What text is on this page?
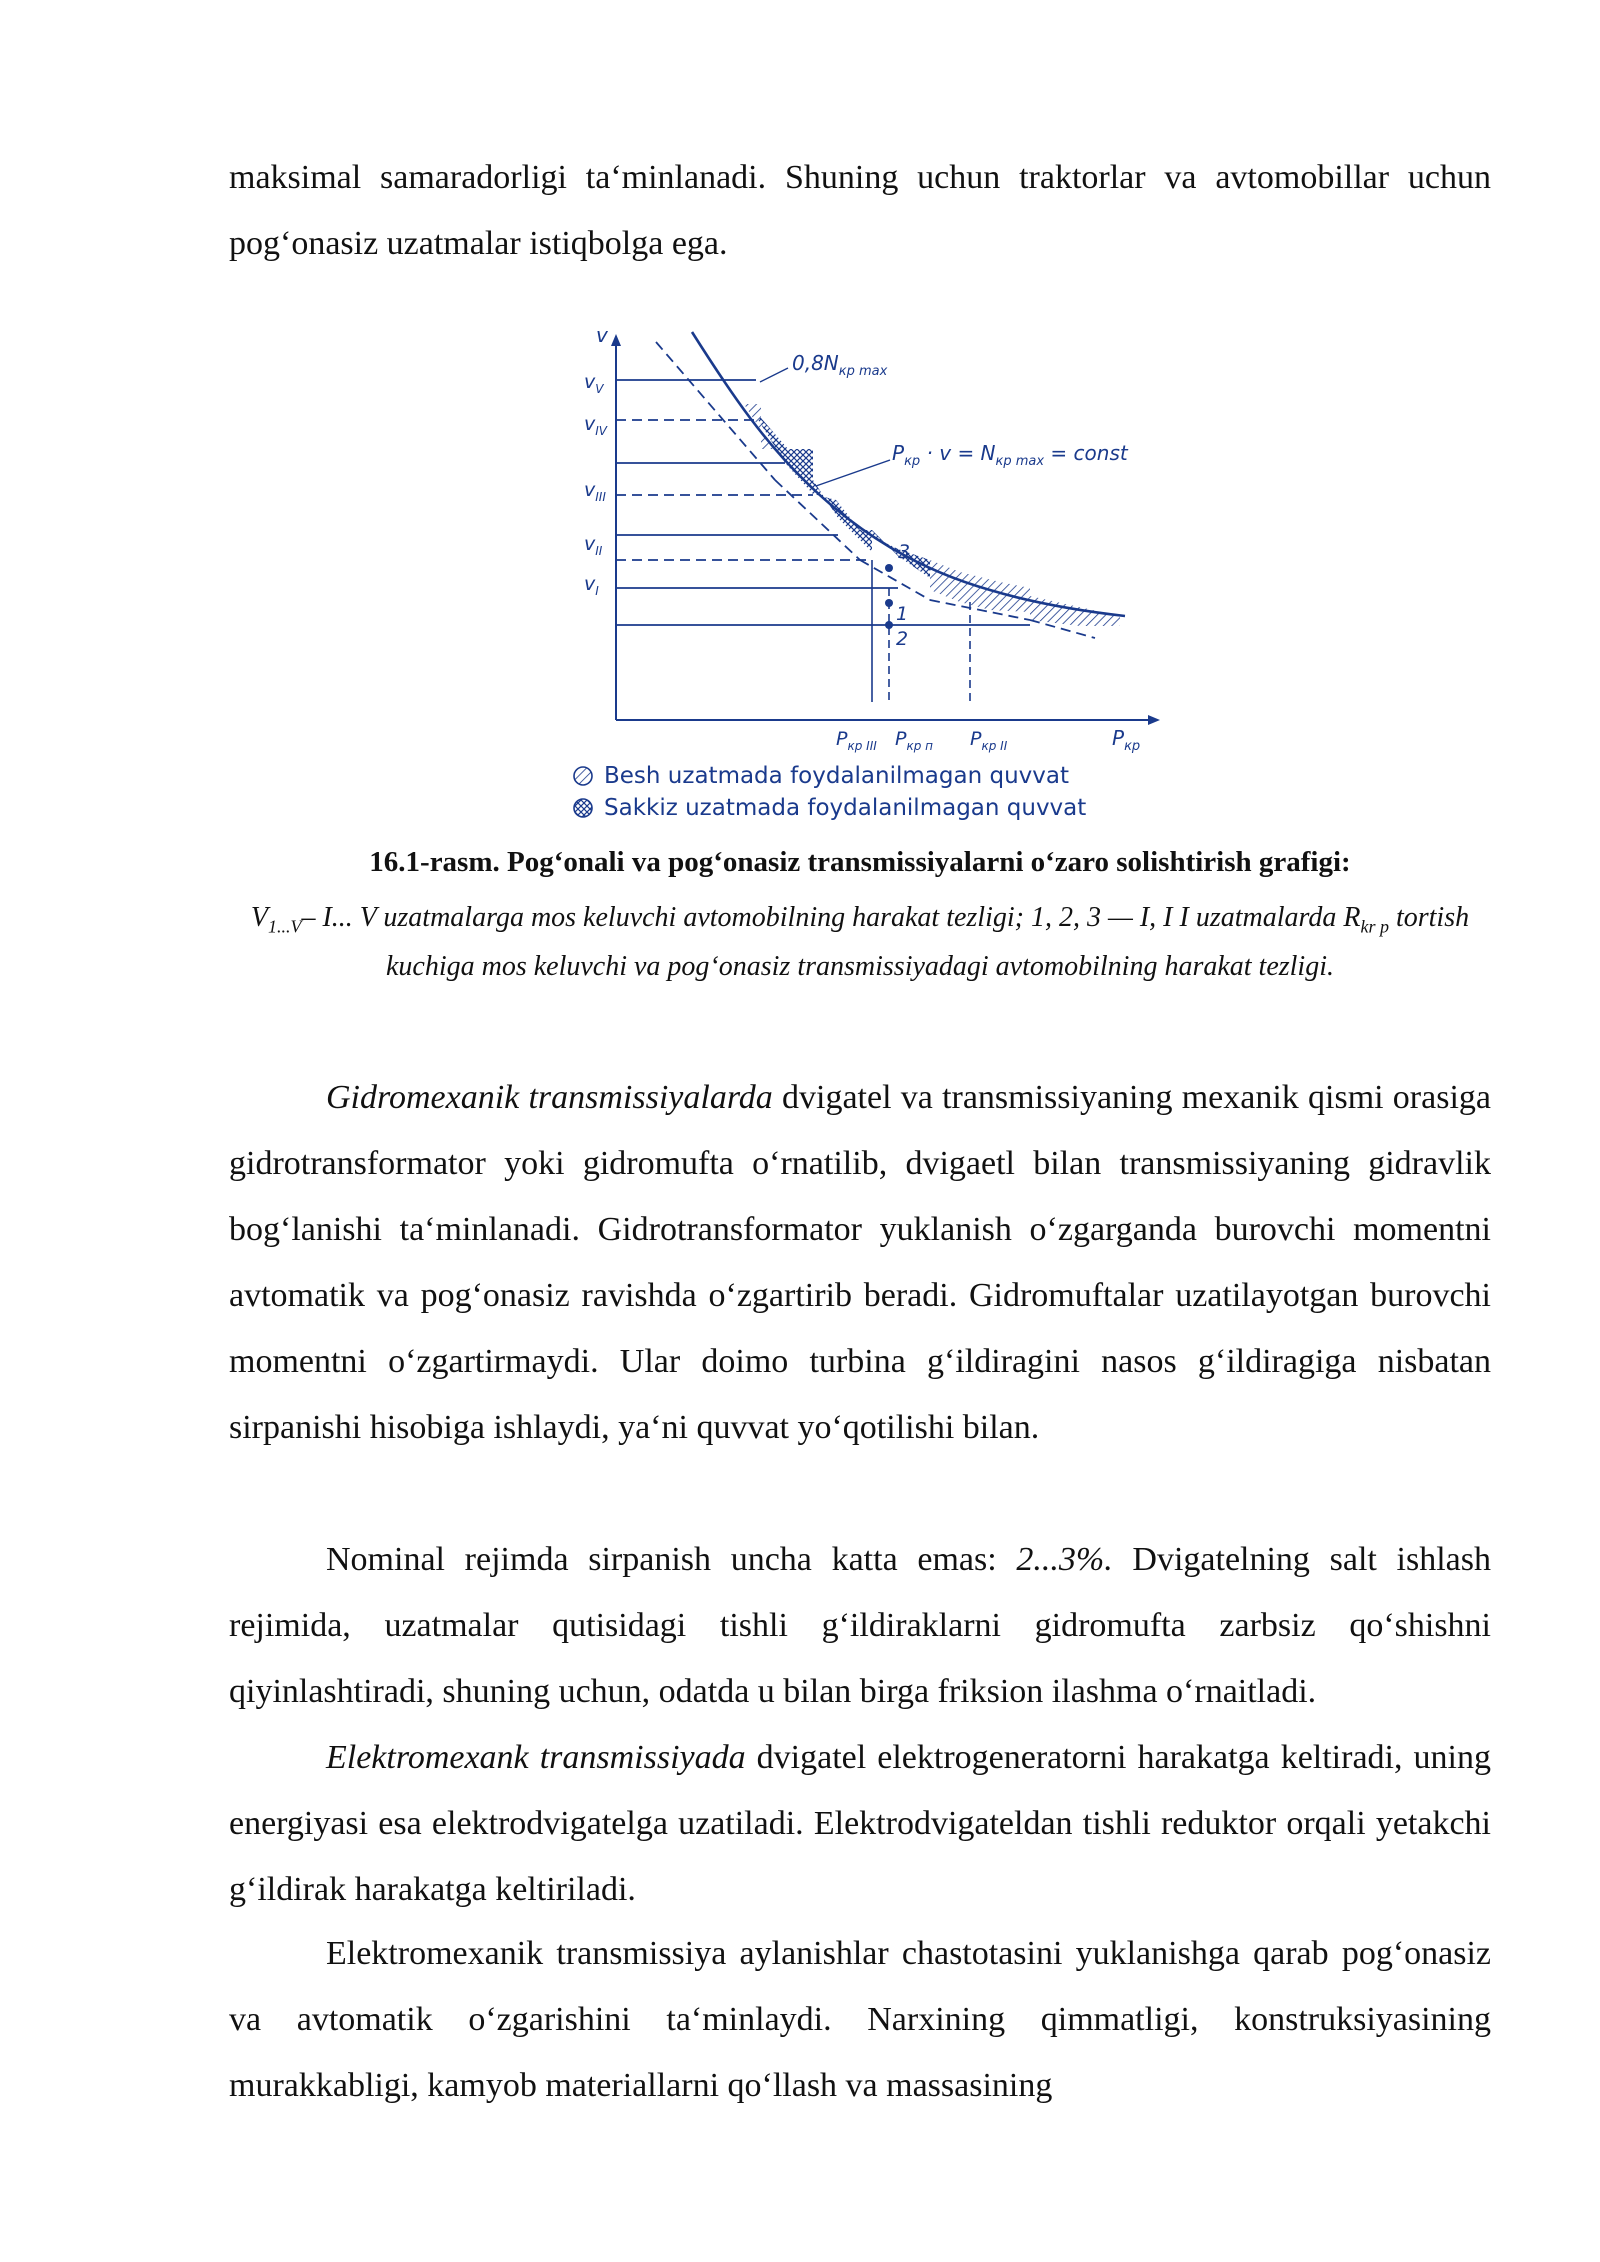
maksimal samaradorligi ta‘minlanadi. Shuning uchun traktorlar va avtomobillar uchun pog‘onasiz uzatmalar istiqbolga ega.

v
$v_V$
$v_{IV}$
$v_{III}$
$v_{II}$
$v_I$
$P_{кр III}$ $P_{кр п}$ $P_{кр II}$	$P_{кр}$
$0,8N_{кр max}$
$P_{кр} \cdot v = N_{кр max}$ = const
3
1
2
Besh uzatmada foydalanilmagan quvvat
Sakkiz uzatmada foydalanilmagan quvvat
16.1-rasm. Pog‘onali va pog‘onasiz transmissiyalarni o‘zaro solishtirish grafigi:
$V_{1...V}-$ I... V uzatmalarga mos keluvchi avtomobilning harakat tezligi; 1, 2, 3 — I, I I uzatmalarda $R_{kr p}$ tortish kuchiga mos keluvchi va pog‘onasiz transmissiyadagi avtomobilning harakat tezligi.

Gidromexanik transmissiyalarda dvigatel va transmissiyaning mexanik qismi orasiga gidrotransformator yoki gidromufta o‘rnatilib, dvigaetl bilan transmissiyaning gidravlik bog‘lanishi ta‘minlanadi. Gidrotransformator yuklanish o‘zgarganda burovchi momentni avtomatik va pog‘onasiz ravishda o‘zgartirib beradi. Gidromuftalar uzatilayotgan burovchi momentni o‘zgartirmaydi. Ular doimo turbina g‘ildiragini nasos g‘ildiragiga nisbatan sirpanishi hisobiga ishlaydi, ya‘ni quvvat yo‘qotilishi bilan.

Nominal rejimda sirpanish uncha katta emas: 2...3%. Dvigatelning salt ishlash rejimida, uzatmalar qutisidagi tishli g‘ildiraklarni gidromufta zarbsiz qo‘shishni qiyinlashtiradi, shuning uchun, odatda u bilan birga friksion ilashma o‘rnaitladi.

Elektromexank transmissiyada dvigatel elektrogeneratorni harakatga keltiradi, uning energiyasi esa elektrodvigatelga uzatiladi. Elektrodvigateldan tishli reduktor orqali yetakchi g‘ildirak harakatga keltiriladi.

Elektromexanik transmissiya aylanishlar chastotasini yuklanishga qarab pog‘onasiz va avtomatik o‘zgarishini ta‘minlaydi. Narxining qimmatligi, konstruksiyasining murakkabligi, kamyob materiallarni qo‘llash va massasining
